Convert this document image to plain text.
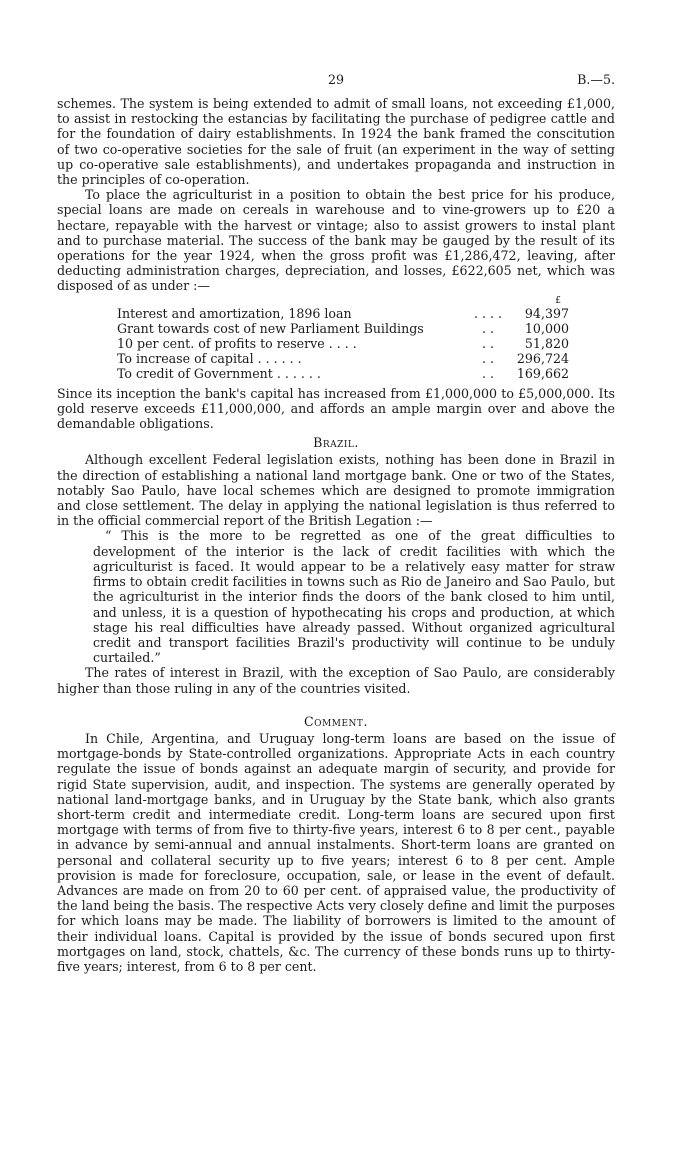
29	B.—5.

schemes. The system is being extended to admit of small loans, not exceeding £1,000, to assist in restocking the estancias by facilitating the purchase of pedigree cattle and for the foundation of dairy establishments. In 1924 the bank framed the conscitution of two co-operative societies for the sale of fruit (an experiment in the way of setting up co-operative sale establishments), and undertakes propaganda and instruction in the principles of co-operation.

To place the agriculturist in a position to obtain the best price for his produce, special loans are made on cereals in warehouse and to vine-growers up to £20 a hectare, repayable with the harvest or vintage; also to assist growers to instal plant and to purchase material. The success of the bank may be gauged by the result of its operations for the year 1924, when the gross profit was £1,286,472, leaving, after deducting administration charges, depreciation, and losses, £622,605 net, which was disposed of as under :—

£
Interest and amortization, 1896 loan	. . . .	94,397
Grant towards cost of new Parliament Buildings	. .	10,000
10 per cent. of profits to reserve . . . .	. .	51,820
To increase of capital . . . . . .	. .	296,724
To credit of Government . . . . . .	. .	169,662

Since its inception the bank's capital has increased from £1,000,000 to £5,000,000. Its gold reserve exceeds £11,000,000, and affords an ample margin over and above the demandable obligations.

Brazil.

Although excellent Federal legislation exists, nothing has been done in Brazil in the direction of establishing a national land mortgage bank. One or two of the States, notably Sao Paulo, have local schemes which are designed to promote immigration and close settlement. The delay in applying the national legislation is thus referred to in the official commercial report of the British Legation :—

“ This is the more to be regretted as one of the great difficulties to development of the interior is the lack of credit facilities with which the agriculturist is faced. It would appear to be a relatively easy matter for straw firms to obtain credit facilities in towns such as Rio de Janeiro and Sao Paulo, but the agriculturist in the interior finds the doors of the bank closed to him until, and unless, it is a question of hypothecating his crops and production, at which stage his real difficulties have already passed. Without organized agricultural credit and transport facilities Brazil's productivity will continue to be unduly curtailed.”

The rates of interest in Brazil, with the exception of Sao Paulo, are considerably higher than those ruling in any of the countries visited.

Comment.

In Chile, Argentina, and Uruguay long-term loans are based on the issue of mortgage-bonds by State-controlled organizations. Appropriate Acts in each country regulate the issue of bonds against an adequate margin of security, and provide for rigid State supervision, audit, and inspection. The systems are generally operated by national land-mortgage banks, and in Uruguay by the State bank, which also grants short-term credit and intermediate credit. Long-term loans are secured upon first mortgage with terms of from five to thirty-five years, interest 6 to 8 per cent., payable in advance by semi-annual and annual instalments. Short-term loans are granted on personal and collateral security up to five years; interest 6 to 8 per cent. Ample provision is made for foreclosure, occupation, sale, or lease in the event of default. Advances are made on from 20 to 60 per cent. of appraised value, the productivity of the land being the basis. The respective Acts very closely define and limit the purposes for which loans may be made. The liability of borrowers is limited to the amount of their individual loans. Capital is provided by the issue of bonds secured upon first mortgages on land, stock, chattels, &c. The currency of these bonds runs up to thirty-five years; interest, from 6 to 8 per cent.
